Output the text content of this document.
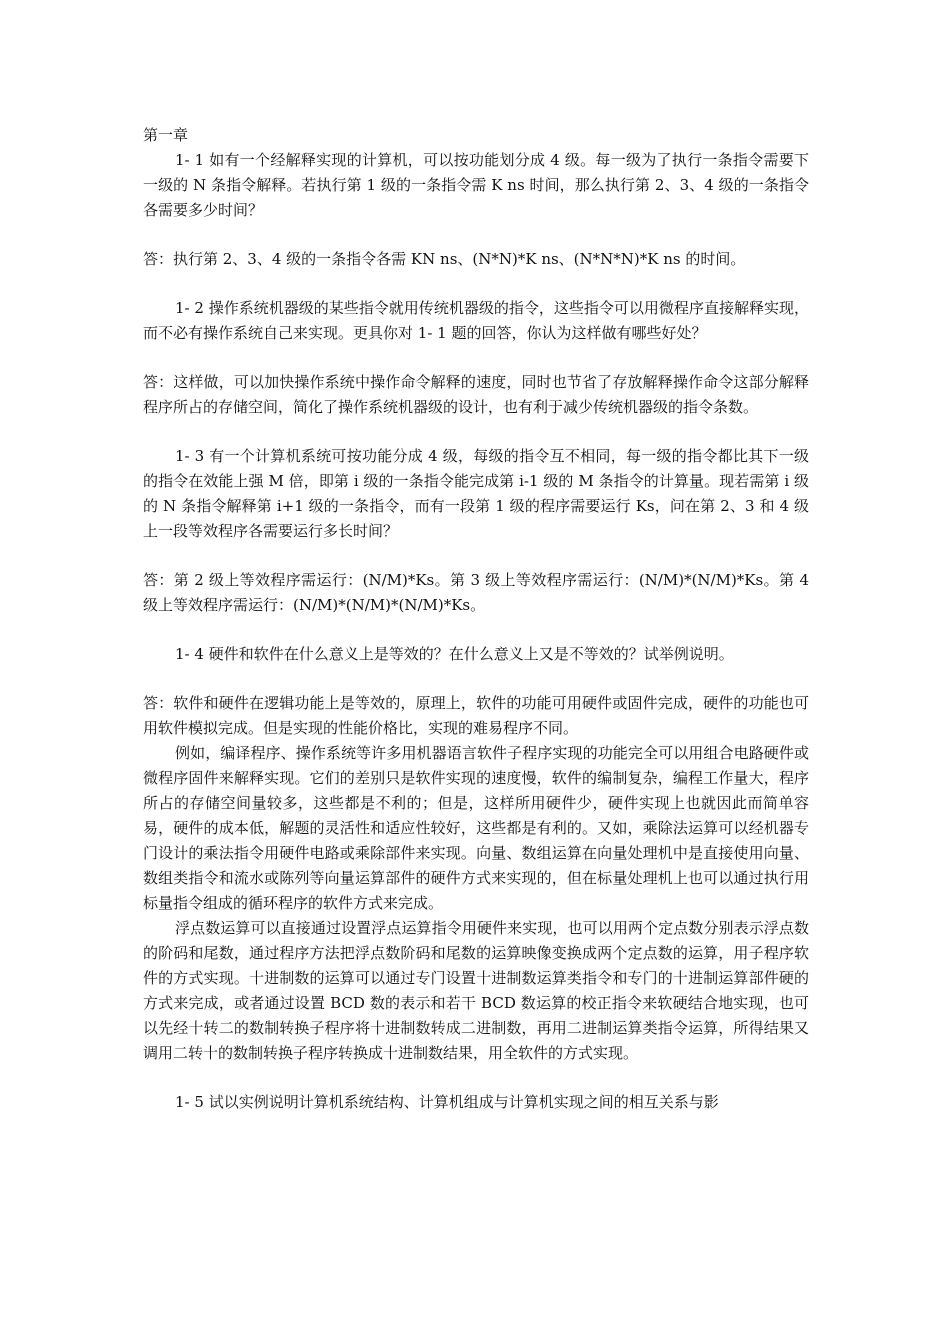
第一章

1- 1 如有一个经解释实现的计算机，可以按功能划分成 4 级。每一级为了执行一条指令需要下一级的 N 条指令解释。若执行第 1 级的一条指令需 K ns 时间，那么执行第 2、3、4 级的一条指令各需要多少时间？

答：执行第 2、3、4 级的一条指令各需 KN ns、(N*N)*K ns、(N*N*N)*K ns 的时间。

1- 2 操作系统机器级的某些指令就用传统机器级的指令，这些指令可以用微程序直接解释实现，而不必有操作系统自己来实现。更具你对 1- 1 题的回答，你认为这样做有哪些好处？

答：这样做，可以加快操作系统中操作命令解释的速度，同时也节省了存放解释操作命令这部分解释程序所占的存储空间，简化了操作系统机器级的设计，也有利于减少传统机器级的指令条数。

1- 3 有一个计算机系统可按功能分成 4 级，每级的指令互不相同，每一级的指令都比其下一级的指令在效能上强 M 倍，即第 i 级的一条指令能完成第 i-1 级的 M 条指令的计算量。现若需第 i 级的 N 条指令解释第 i+1 级的一条指令，而有一段第 1 级的程序需要运行 Ks，问在第 2、3 和 4 级上一段等效程序各需要运行多长时间？

答：第 2 级上等效程序需运行：(N/M)*Ks。第 3 级上等效程序需运行：(N/M)*(N/M)*Ks。第 4 级上等效程序需运行：(N/M)*(N/M)*(N/M)*Ks。

1- 4 硬件和软件在什么意义上是等效的？在什么意义上又是不等效的？试举例说明。

答：软件和硬件在逻辑功能上是等效的，原理上，软件的功能可用硬件或固件完成，硬件的功能也可用软件模拟完成。但是实现的性能价格比，实现的难易程序不同。

例如，编译程序、操作系统等许多用机器语言软件子程序实现的功能完全可以用组合电路硬件或微程序固件来解释实现。它们的差别只是软件实现的速度慢，软件的编制复杂，编程工作量大，程序所占的存储空间量较多，这些都是不利的；但是，这样所用硬件少，硬件实现上也就因此而简单容易，硬件的成本低，解题的灵活性和适应性较好，这些都是有利的。又如，乘除法运算可以经机器专门设计的乘法指令用硬件电路或乘除部件来实现。向量、数组运算在向量处理机中是直接使用向量、数组类指令和流水或陈列等向量运算部件的硬件方式来实现的，但在标量处理机上也可以通过执行用标量指令组成的循环程序的软件方式来完成。

浮点数运算可以直接通过设置浮点运算指令用硬件来实现，也可以用两个定点数分别表示浮点数的阶码和尾数，通过程序方法把浮点数阶码和尾数的运算映像变换成两个定点数的运算，用子程序软件的方式实现。十进制数的运算可以通过专门设置十进制数运算类指令和专门的十进制运算部件硬的方式来完成，或者通过设置 BCD 数的表示和若干 BCD 数运算的校正指令来软硬结合地实现，也可以先经十转二的数制转换子程序将十进制数转成二进制数，再用二进制运算类指令运算，所得结果又调用二转十的数制转换子程序转换成十进制数结果，用全软件的方式实现。

1- 5 试以实例说明计算机系统结构、计算机组成与计算机实现之间的相互关系与影
